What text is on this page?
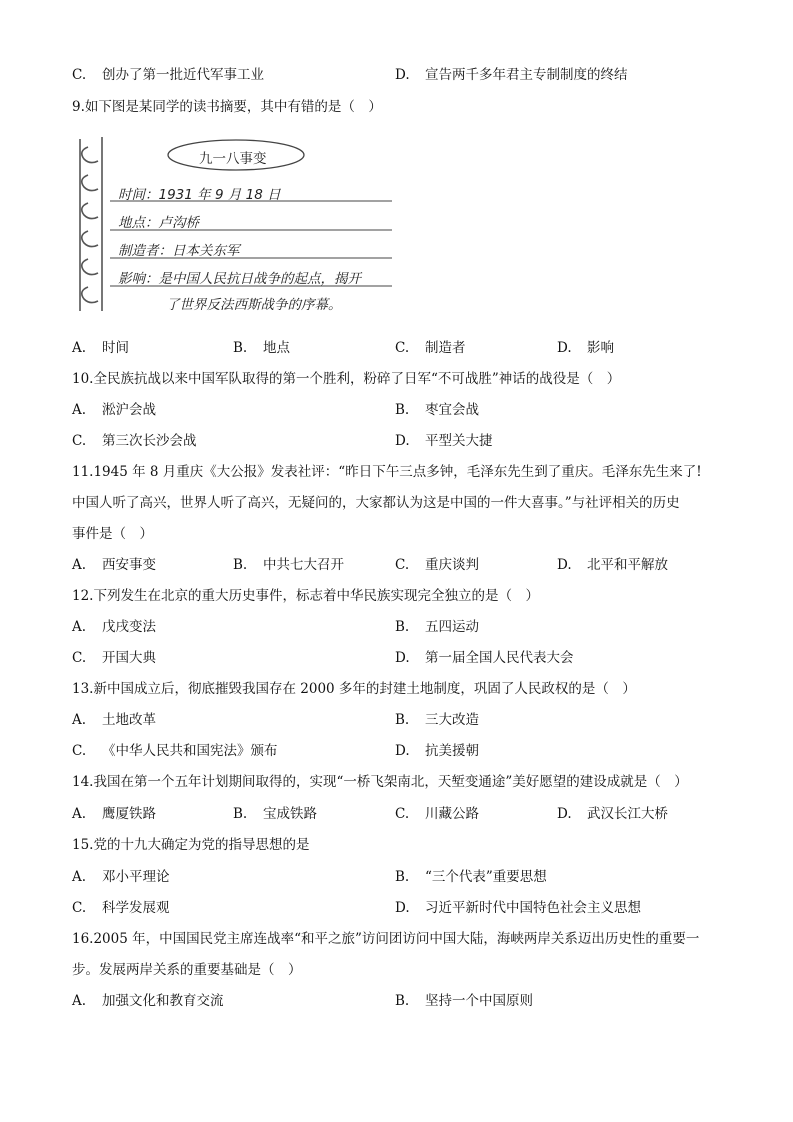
C. 创办了第一批近代军事工业	D. 宣告两千多年君主专制制度的终结
9.如下图是某同学的读书摘要，其中有错的是（　）
九一八事变
时间：1931 年 9 月 18 日
地点：卢沟桥
制造者：日本关东军
影响：是中国人民抗日战争的起点，揭开
了世界反法西斯战争的序幕。
A. 时间	B. 地点	C. 制造者	D. 影响
10.全民族抗战以来中国军队取得的第一个胜利，粉碎了日军“不可战胜”神话的战役是（　）
A. 淞沪会战	B. 枣宜会战
C. 第三次长沙会战	D. 平型关大捷
11.1945 年 8 月重庆《大公报》发表社评：“昨日下午三点多钟，毛泽东先生到了重庆。毛泽东先生来了!
中国人听了高兴，世界人听了高兴，无疑问的，大家都认为这是中国的一件大喜事。”与社评相关的历史
事件是（　）
A. 西安事变	B. 中共七大召开	C. 重庆谈判	D. 北平和平解放
12.下列发生在北京的重大历史事件，标志着中华民族实现完全独立的是（　）
A. 戊戌变法	B. 五四运动
C. 开国大典	D. 第一届全国人民代表大会
13.新中国成立后，彻底摧毁我国存在 2000 多年的封建土地制度，巩固了人民政权的是（　）
A. 土地改革	B. 三大改造
C. 《中华人民共和国宪法》颁布	D. 抗美援朝
14.我国在第一个五年计划期间取得的，实现“一桥飞架南北，天堑变通途”美好愿望的建设成就是（　）
A. 鹰厦铁路	B. 宝成铁路	C. 川藏公路	D. 武汉长江大桥
15.党的十九大确定为党的指导思想的是
A. 邓小平理论	B. “三个代表”重要思想
C. 科学发展观	D. 习近平新时代中国特色社会主义思想
16.2005 年，中国国民党主席连战率“和平之旅”访问团访问中国大陆，海峡两岸关系迈出历史性的重要一
步。发展两岸关系的重要基础是（　）
A. 加强文化和教育交流	B. 坚持一个中国原则
